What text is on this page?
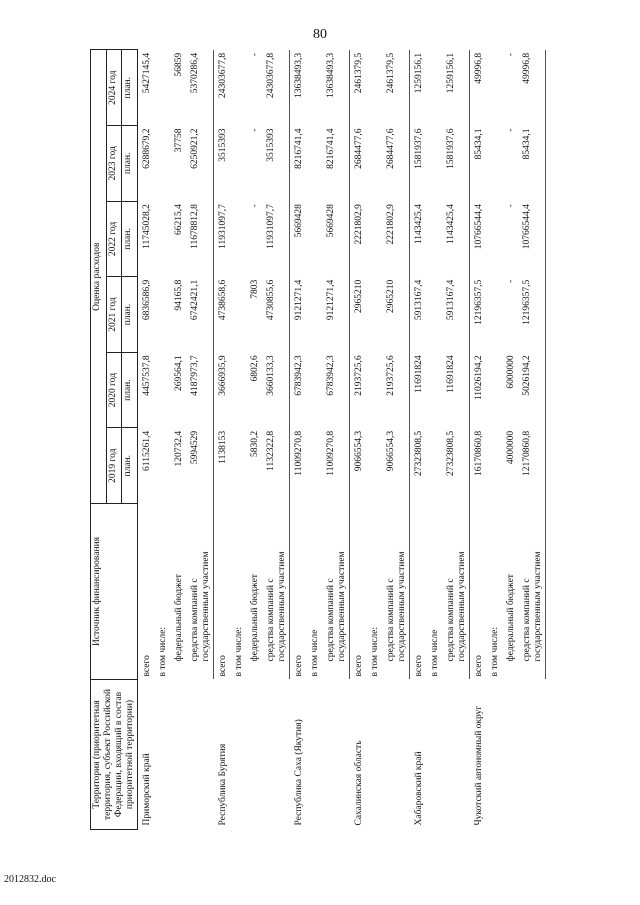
80
Территория (приоритетная территория, субъект Российской Федерации, входящий в состав приоритетной территории)	Источник финансирования	Оценка расходов					
		2019 год	2020 год	2021 год	2022 год	2023 год	2024 год
		план.	план.	план.	план.	план.	план.
Приморский край	всего	6115261,4	4457537,8	6836586,9	11745028,2	6288679,2	5427145,4
	в том числе:						
	федеральный бюджет	120732,4	269564,1	94165,8	66215,4	37758	56859
	средства компаний с государственным участием	5994529	4187973,7	6742421,1	11678812,8	6250921,2	5370286,4
Республика Бурятия	всего	1138153	3666935,9	4738658,6	11931097,7	3515393	24303677,8
	в том числе:						
	федеральный бюджет	5830,2	6802,6	7803	-	-	-
	средства компаний с государственным участием	1132322,8	3660133,3	4730855,6	11931097,7	3515393	24303677,8
Республика Саха (Якутия)	всего	11009270,8	6783942,3	9121271,4	5669428	8216741,4	13638493,3
	в том числе						
	средства компаний с государственным участием	11009270,8	6783942,3	9121271,4	5669428	8216741,4	13638493,3
Сахалинская область	всего	9066554,3	2193725,6	2965210	2221802,9	2684477,6	2461379,5
	в том числе:						
	средства компаний с государственным участием	9066554,3	2193725,6	2965210	2221802,9	2684477,6	2461379,5
Хабаровский край	всего	27323808,5	11691824	5913167,4	1143425,4	1581937,6	1259156,1
	в том числе						
	средства компаний с государственным участием	27323808,5	11691824	5913167,4	1143425,4	1581937,6	1259156,1
Чукотский автономный округ	всего	16170860,8	11026194,2	12196357,5	10766544,4	85434,1	49996,8
	в том числе:						
	федеральный бюджет	4000000	6000000	-	-	-	-
	средства компаний с государственным участием	12170860,8	5026194,2	12196357,5	10766544,4	85434,1	49996,8
2012832.doc
